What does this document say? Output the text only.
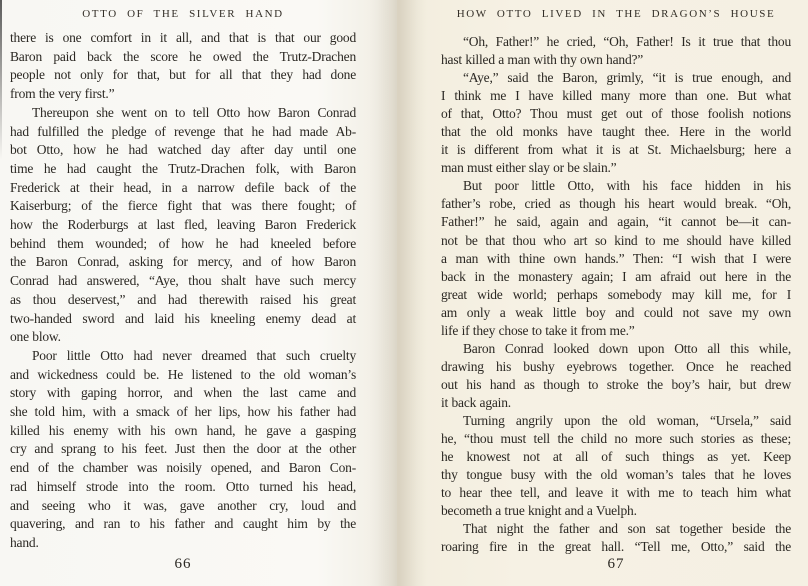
OTTO OF THE SILVER HAND
there is one comfort in it all, and that is that our good
Baron paid back the score he owed the Trutz-Drachen
people not only for that, but for all that they had done
from the very first.”
Thereupon she went on to tell Otto how Baron Conrad
had fulfilled the pledge of revenge that he had made Ab-
bot Otto, how he had watched day after day until one
time he had caught the Trutz-Drachen folk, with Baron
Frederick at their head, in a narrow defile back of the
Kaiserburg; of the fierce fight that was there fought; of
how the Roderburgs at last fled, leaving Baron Frederick
behind them wounded; of how he had kneeled before
the Baron Conrad, asking for mercy, and of how Baron
Conrad had answered, “Aye, thou shalt have such mercy
as thou deservest,” and had therewith raised his great
two-handed sword and laid his kneeling enemy dead at
one blow.
Poor little Otto had never dreamed that such cruelty
and wickedness could be. He listened to the old woman’s
story with gaping horror, and when the last came and
she told him, with a smack of her lips, how his father had
killed his enemy with his own hand, he gave a gasping
cry and sprang to his feet. Just then the door at the other
end of the chamber was noisily opened, and Baron Con-
rad himself strode into the room. Otto turned his head,
and seeing who it was, gave another cry, loud and
quavering, and ran to his father and caught him by the
hand.
66
HOW OTTO LIVED IN THE DRAGON’S HOUSE
“Oh, Father!” he cried, “Oh, Father! Is it true that thou
hast killed a man with thy own hand?”
“Aye,” said the Baron, grimly, “it is true enough, and
I think me I have killed many more than one. But what
of that, Otto? Thou must get out of those foolish notions
that the old monks have taught thee. Here in the world
it is different from what it is at St. Michaelsburg; here a
man must either slay or be slain.”
But poor little Otto, with his face hidden in his
father’s robe, cried as though his heart would break. “Oh,
Father!” he said, again and again, “it cannot be—it can-
not be that thou who art so kind to me should have killed
a man with thine own hands.” Then: “I wish that I were
back in the monastery again; I am afraid out here in the
great wide world; perhaps somebody may kill me, for I
am only a weak little boy and could not save my own
life if they chose to take it from me.”
Baron Conrad looked down upon Otto all this while,
drawing his bushy eyebrows together. Once he reached
out his hand as though to stroke the boy’s hair, but drew
it back again.
Turning angrily upon the old woman, “Ursela,” said
he, “thou must tell the child no more such stories as these;
he knowest not at all of such things as yet. Keep
thy tongue busy with the old woman’s tales that he loves
to hear thee tell, and leave it with me to teach him what
becometh a true knight and a Vuelph.
That night the father and son sat together beside the
roaring fire in the great hall. “Tell me, Otto,” said the
67
